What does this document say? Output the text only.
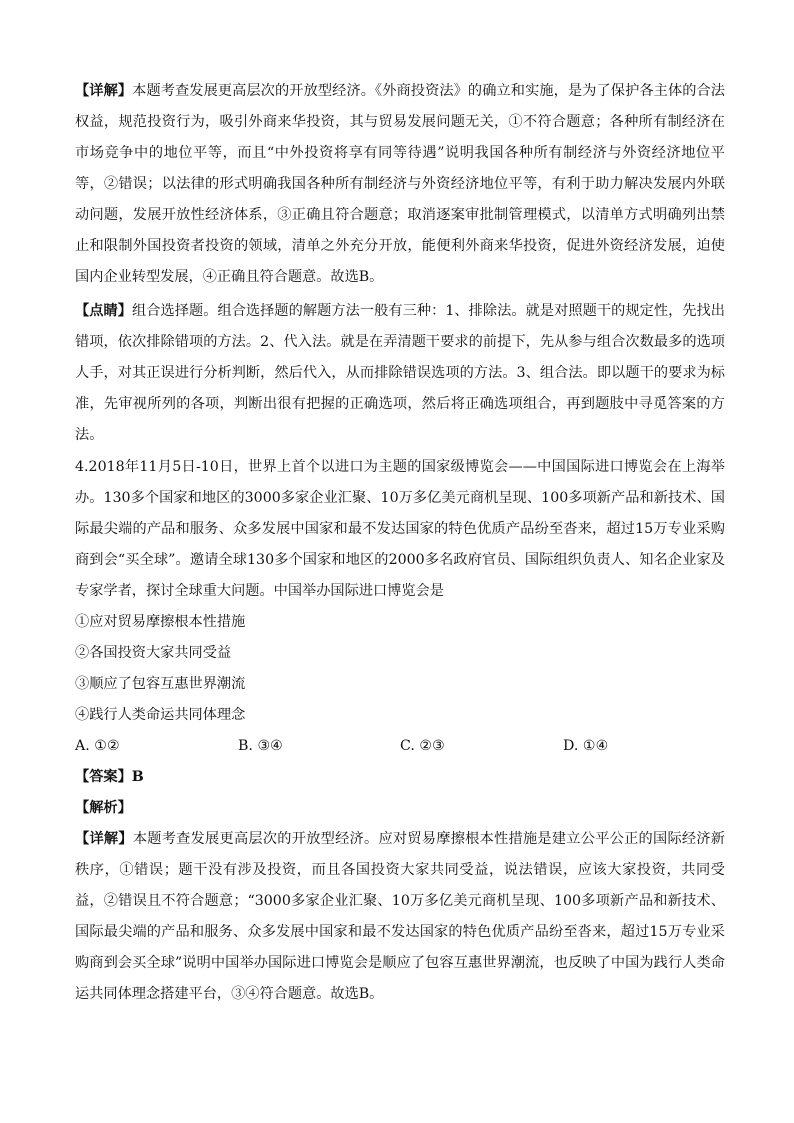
【详解】本题考查发展更高层次的开放型经济。《外商投资法》的确立和实施，是为了保护各主体的合法权益，规范投资行为，吸引外商来华投资，其与贸易发展问题无关，①不符合题意；各种所有制经济在市场竞争中的地位平等，而且“中外投资将享有同等待遇”说明我国各种所有制经济与外资经济地位平等，②错误；以法律的形式明确我国各种所有制经济与外资经济地位平等，有利于助力解决发展内外联动问题，发展开放性经济体系，③正确且符合题意；取消逐案审批制管理模式，以清单方式明确列出禁止和限制外国投资者投资的领域，清单之外充分开放，能便利外商来华投资，促进外资经济发展，迫使国内企业转型发展，④正确且符合题意。故选B。

【点睛】组合选择题。组合选择题的解题方法一般有三种：1、排除法。就是对照题干的规定性，先找出错项，依次排除错项的方法。2、代入法。就是在弄清题干要求的前提下，先从参与组合次数最多的选项人手，对其正误进行分析判断，然后代入，从而排除错误选项的方法。3、组合法。即以题干的要求为标准，先审视所列的各项，判断出很有把握的正确选项，然后将正确选项组合，再到题肢中寻觅答案的方法。

4.2018年11月5日-10日，世界上首个以进口为主题的国家级博览会——中国国际进口博览会在上海举办。130多个国家和地区的3000多家企业汇聚、10万多亿美元商机呈现、100多项新产品和新技术、国际最尖端的产品和服务、众多发展中国家和最不发达国家的特色优质产品纷至沓来，超过15万专业采购商到会“买全球”。邀请全球130多个国家和地区的2000多名政府官员、国际组织负责人、知名企业家及专家学者，探讨全球重大问题。中国举办国际进口博览会是

①应对贸易摩擦根本性措施

②各国投资大家共同受益

③顺应了包容互惠世界潮流

④践行人类命运共同体理念

A. ①②	B. ③④	C. ②③	D. ①④

【答案】B

【解析】

【详解】本题考查发展更高层次的开放型经济。应对贸易摩擦根本性措施是建立公平公正的国际经济新秩序，①错误；题干没有涉及投资，而且各国投资大家共同受益，说法错误，应该大家投资，共同受益，②错误且不符合题意；“3000多家企业汇聚、10万多亿美元商机呈现、100多项新产品和新技术、国际最尖端的产品和服务、众多发展中国家和最不发达国家的特色优质产品纷至沓来，超过15万专业采购商到会买全球”说明中国举办国际进口博览会是顺应了包容互惠世界潮流，也反映了中国为践行人类命运共同体理念搭建平台，③④符合题意。故选B。
